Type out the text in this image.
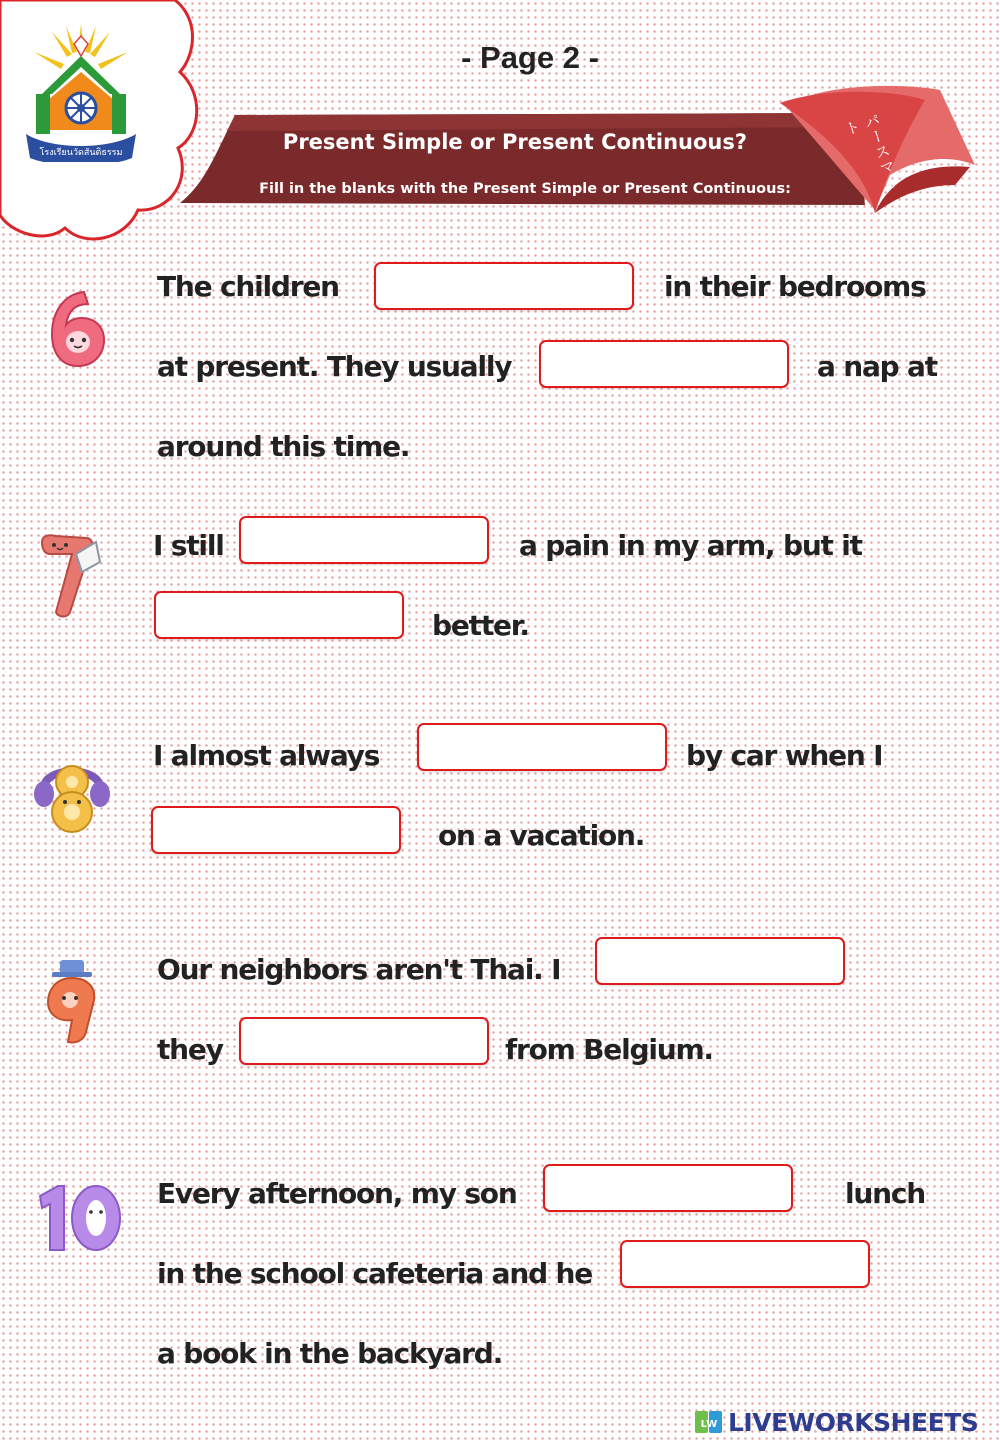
โรงเรียนวัดสันติธรรม
- Page 2 -
Present Simple or Present Continuous?
Fill in the blanks with the Present Simple or Present Continuous:	パースマート
The children	in their bedrooms
at present. They usually	a nap at
around this time.
I still	a pain in my arm, but it
better.
I almost always	by car when I
on a vacation.
Our neighbors aren't Thai. I
they	from Belgium.
Every afternoon, my son	lunch
in the school cafeteria and he
a book in the backyard.
LW LIVEWORKSHEETS
